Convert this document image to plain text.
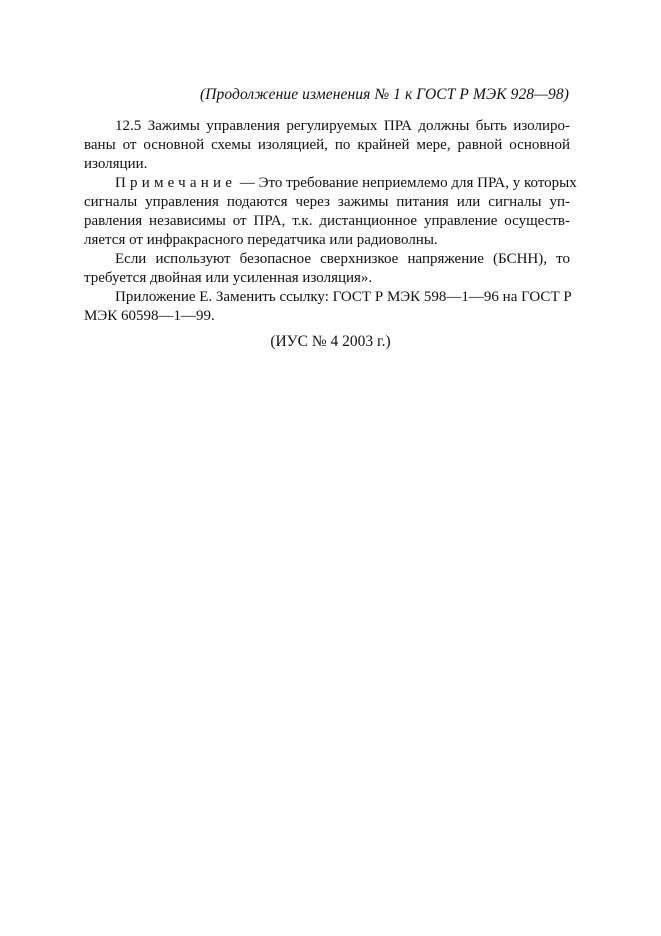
(Продолжение изменения № 1 к ГОСТ Р МЭК 928—98)
12.5 Зажимы управления регулируемых ПРА должны быть изолиро-
ваны от основной схемы изоляцией, по крайней мере, равной основной
изоляции.
Примечание — Это требование неприемлемо для ПРА, у которых
сигналы управления подаются через зажимы питания или сигналы уп-
равления независимы от ПРА, т.к. дистанционное управление осуществ-
ляется от инфракрасного передатчика или радиоволны.
Если используют безопасное сверхнизкое напряжение (БСНН), то
требуется двойная или усиленная изоляция».
Приложение Е. Заменить ссылку: ГОСТ Р МЭК 598—1—96 на ГОСТ Р
МЭК 60598—1—99.
(ИУС № 4 2003 г.)
